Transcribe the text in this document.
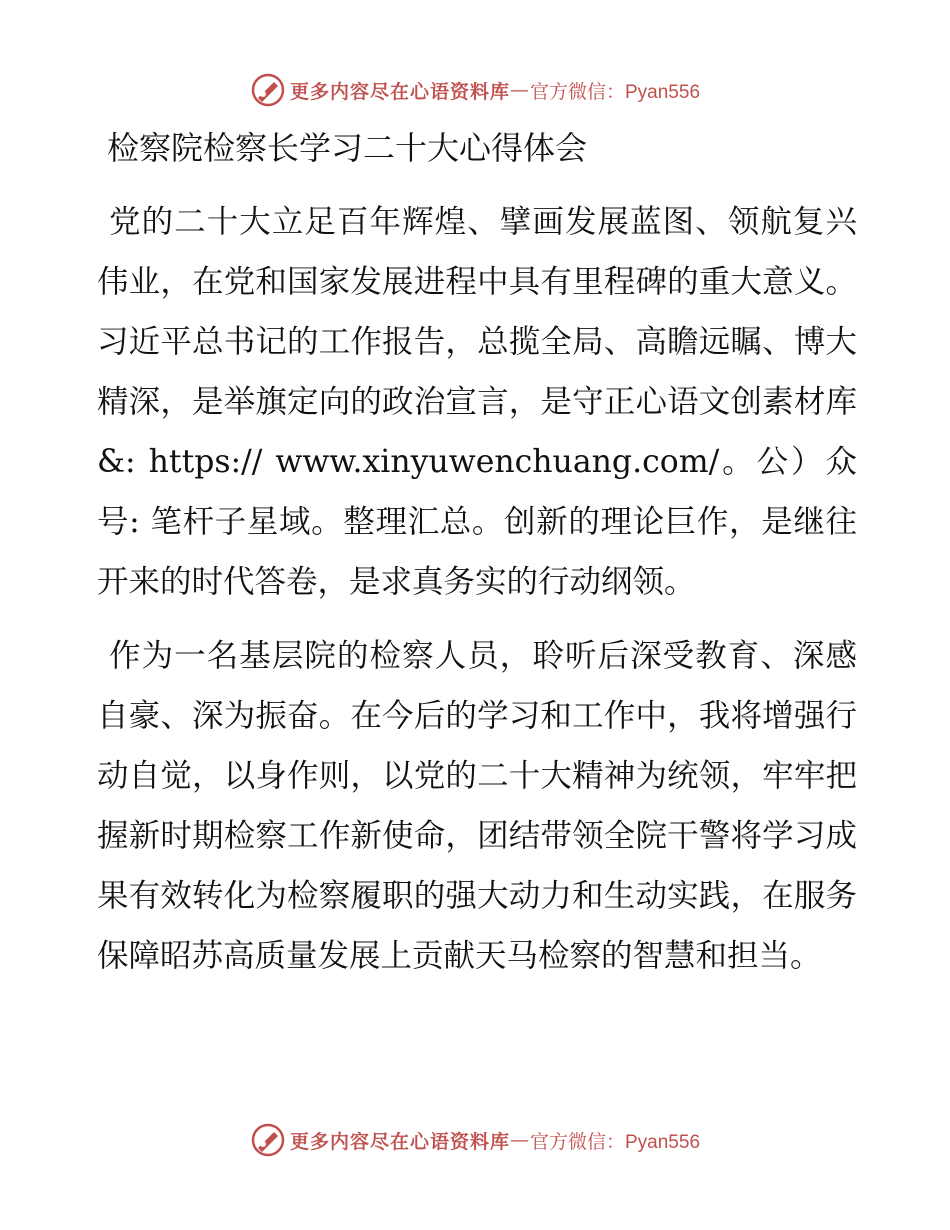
更多内容尽在心语资料库 — 官方微信：Pyan556
检察院检察长学习二十大心得体会

党的二十大立足百年辉煌、擘画发展蓝图、领航复兴伟业，在党和国家发展进程中具有里程碑的重大意义。习近平总书记的工作报告，总揽全局、高瞻远瞩、博大精深，是举旗定向的政治宣言，是守正心语文创素材库&: https:// www.xinyuwenchuang.com/。公）众号: 笔杆子星域。整理汇总。创新的理论巨作，是继往开来的时代答卷，是求真务实的行动纲领。

作为一名基层院的检察人员，聆听后深受教育、深感自豪、深为振奋。在今后的学习和工作中，我将增强行动自觉，以身作则，以党的二十大精神为统领，牢牢把握新时期检察工作新使命，团结带领全院干警将学习成果有效转化为检察履职的强大动力和生动实践，在服务保障昭苏高质量发展上贡献天马检察的智慧和担当。

更多内容尽在心语资料库 — 官方微信：Pyan556
